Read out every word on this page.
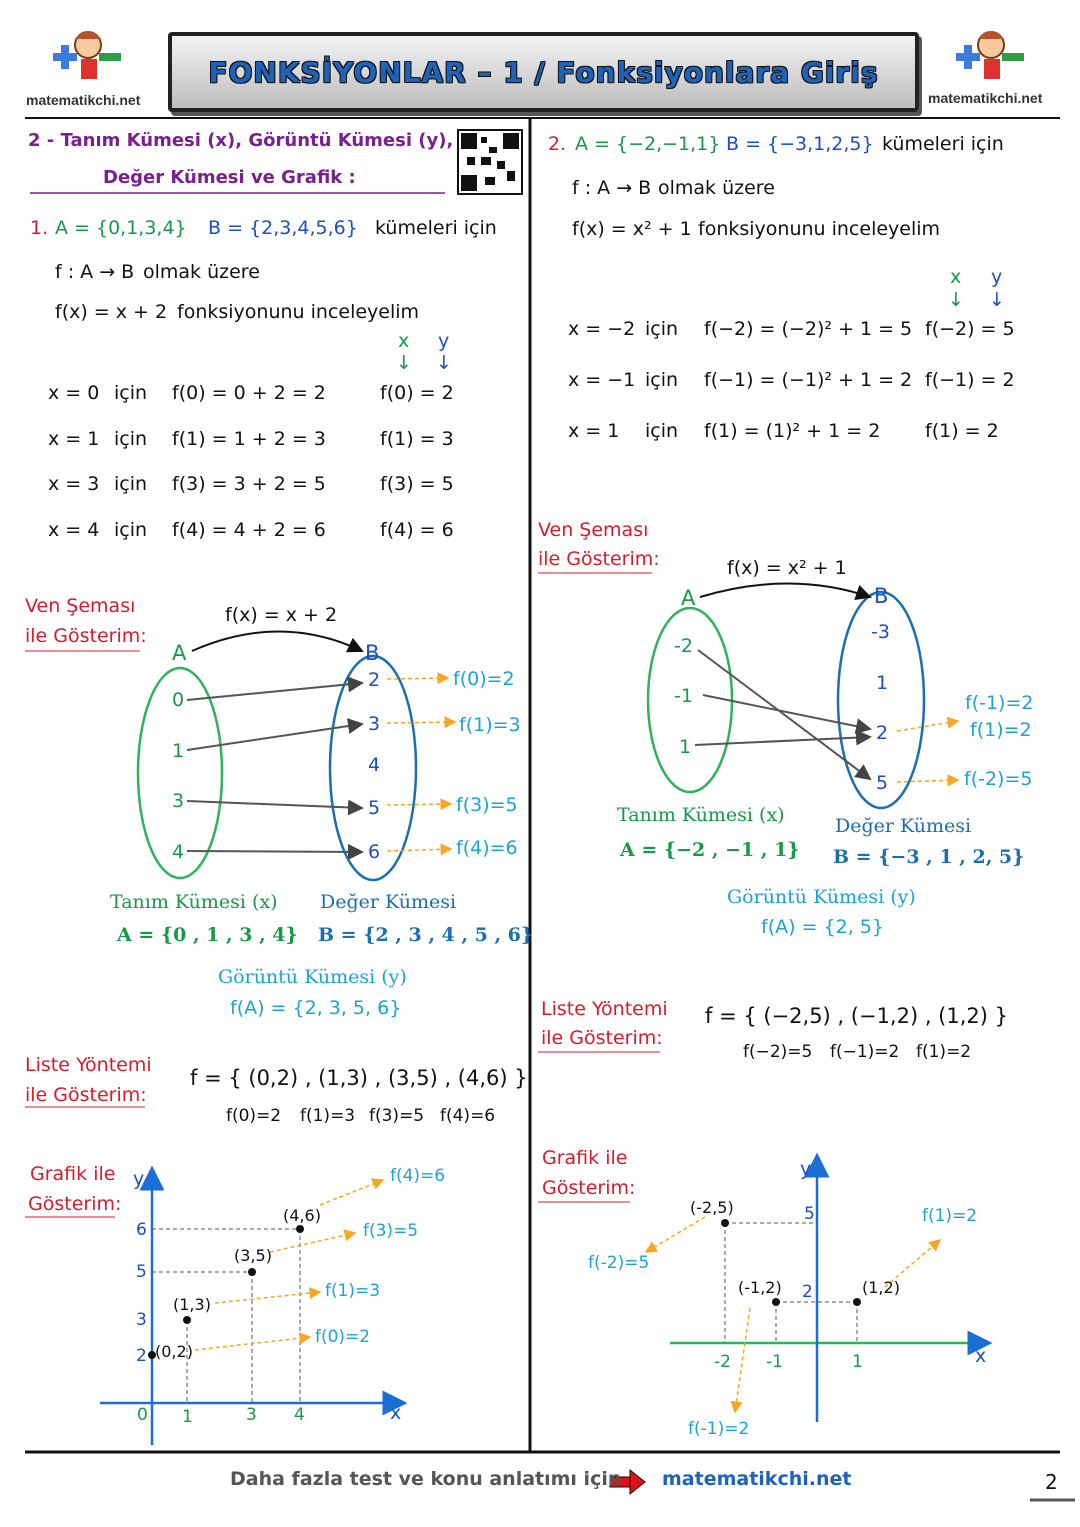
matematikchi.net
FONKSİYONLAR – 1 / Fonksiyonlara Giriş
matematikchi.net
2 - Tanım Kümesi (x), Görüntü Kümesi (y),
Değer Kümesi ve Grafik :
1. A = {0,1,3,4} B = {2,3,4,5,6} kümeleri için
f : A → B olmak üzere
f(x) = x + 2 fonksiyonunu inceleyelim
x y
↓ ↓
x = 0 için f(0) = 0 + 2 = 2	f(0) = 2
x = 1 için f(1) = 1 + 2 = 3	f(1) = 3
x = 3 için f(3) = 3 + 2 = 5	f(3) = 5
x = 4 için f(4) = 4 + 2 = 6	f(4) = 6
Ven Şeması
ile Gösterim:
f(x) = x + 2
A	B
0
1
3
4
2
3
4
5
6
f(0)=2
f(1)=3
f(3)=5
f(4)=6
Tanım Kümesi (x)
A = {0 , 1 , 3 , 4}
Değer Kümesi
B = {2 , 3 , 4 , 5 , 6}
Görüntü Kümesi (y)
f(A) = {2, 3, 5, 6}
Liste Yöntemi
ile Gösterim:
f = { (0,2) , (1,3) , (3,5) , (4,6) }
f(0)=2 f(1)=3 f(3)=5 f(4)=6
Grafik ile
Gösterim:
y
x
0 1	3 4
2
3
5
6
(0,2)
(1,3)
(3,5)
(4,6)
f(0)=2
f(1)=3
f(3)=5
f(4)=6
2. A = {−2,−1,1} B = {−3,1,2,5} kümeleri için
f : A → B olmak üzere
f(x) = x² + 1 fonksiyonunu inceleyelim
x y
↓ ↓
x = −2 için f(−2) = (−2)² + 1 = 5 f(−2) = 5
x = −1 için f(−1) = (−1)² + 1 = 2 f(−1) = 2
x = 1 için f(1) = (1)² + 1 = 2 f(1) = 2
Ven Şeması
ile Gösterim:	f(x) = x² + 1
A	B
-2
-1
1
-3
1
2
5
f(-1)=2
f(1)=2
f(-2)=5
Tanım Kümesi (x)
A = {−2 , −1 , 1}
Değer Kümesi
B = {−3 , 1 , 2, 5}
Görüntü Kümesi (y)
f(A) = {2, 5}
Liste Yöntemi
ile Gösterim:
f = { (−2,5) , (−1,2) , (1,2) }
f(−2)=5 f(−1)=2 f(1)=2
Grafik ile
Gösterim:
y
x
-2 -1	1
5
2
(-2,5)
(-1,2)	(1,2)
f(-2)=5
f(-1)=2
f(1)=2
Daha fazla test ve konu anlatımı için matematikchi.net	2
